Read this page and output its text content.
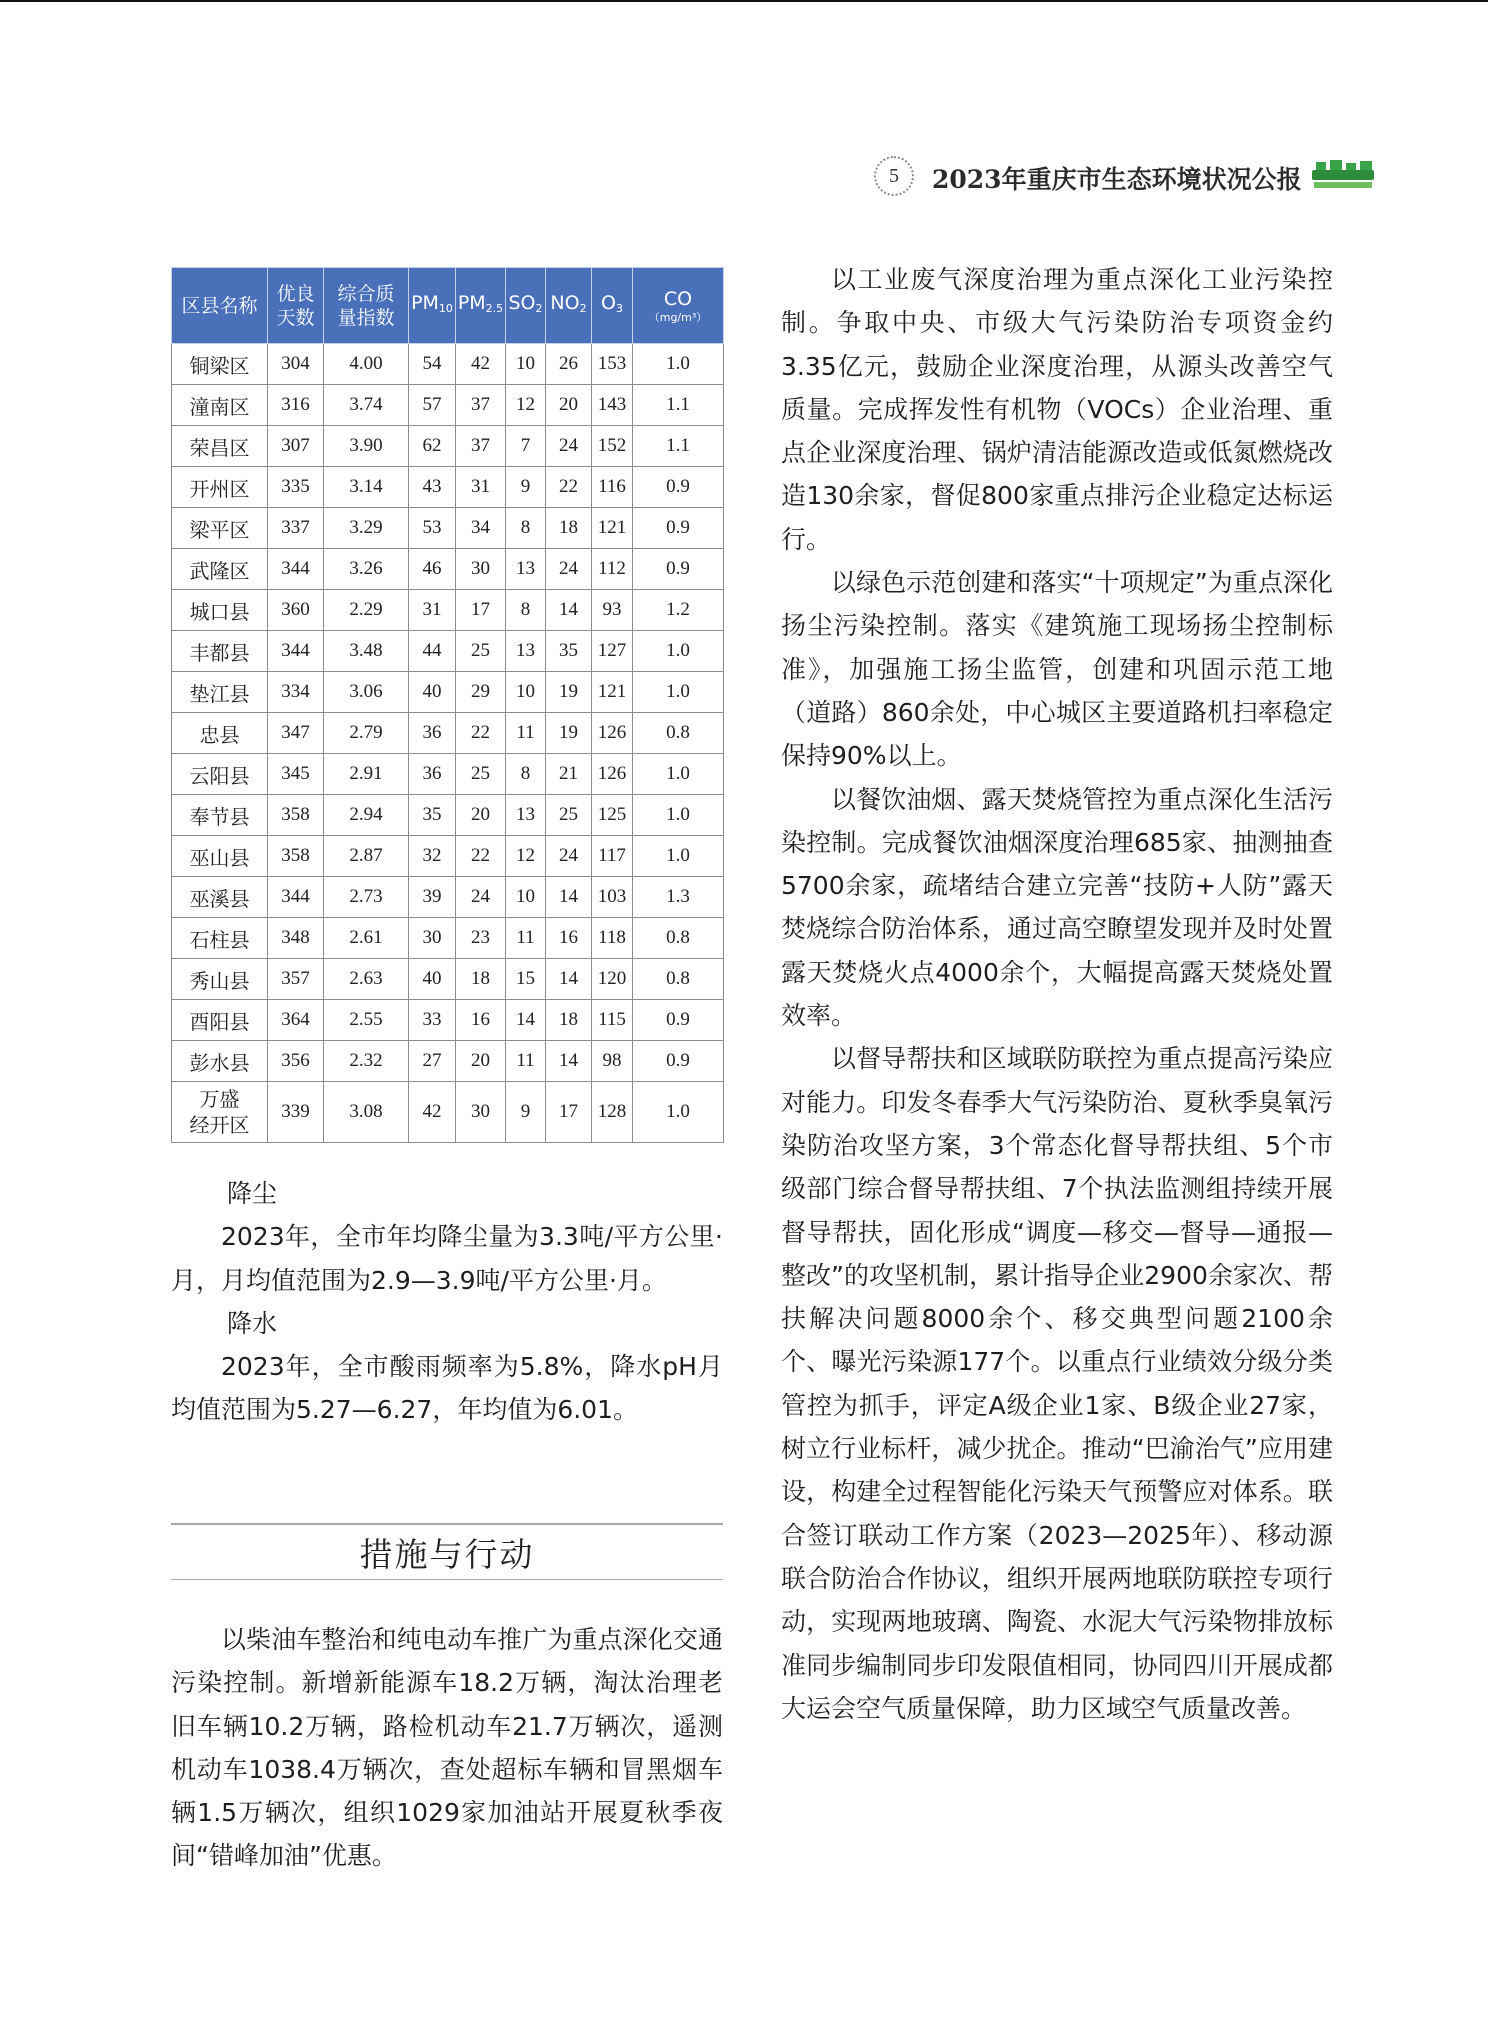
5	2023年重庆市生态环境状况公报
区县名称	优良天数	综合质量指数	$PM_{10}$	$PM_{2.5}$	$SO_2$	$NO_2$	$O_3$	CO
（mg/m³）

铜梁区	304	4.00	54	42	10	26	153	1.0
潼南区	316	3.74	57	37	12	20	143	1.1
荣昌区	307	3.90	62	37	7	24	152	1.1
开州区	335	3.14	43	31	9	22	116	0.9
梁平区	337	3.29	53	34	8	18	121	0.9
武隆区	344	3.26	46	30	13	24	112	0.9
城口县	360	2.29	31	17	8	14	93	1.2
丰都县	344	3.48	44	25	13	35	127	1.0
垫江县	334	3.06	40	29	10	19	121	1.0
忠县	347	2.79	36	22	11	19	126	0.8
云阳县	345	2.91	36	25	8	21	126	1.0
奉节县	358	2.94	35	20	13	25	125	1.0
巫山县	358	2.87	32	22	12	24	117	1.0
巫溪县	344	2.73	39	24	10	14	103	1.3
石柱县	348	2.61	30	23	11	16	118	0.8
秀山县	357	2.63	40	18	15	14	120	0.8
酉阳县	364	2.55	33	16	14	18	115	0.9
彭水县	356	2.32	27	20	11	14	98	0.9

万盛
经开区	339	3.08	42	30	9	17	128	1.0

降尘

2023年，全市年均降尘量为3.3吨/平方公里·月，月均值范围为2.9—3.9吨/平方公里·月。

降水

2023年，全市酸雨频率为5.8%，降水pH月均值范围为5.27—6.27，年均值为6.01。

措施与行动

以柴油车整治和纯电动车推广为重点深化交通污染控制。新增新能源车18.2万辆，淘汰治理老旧车辆10.2万辆，路检机动车21.7万辆次，遥测机动车1038.4万辆次，查处超标车辆和冒黑烟车辆1.5万辆次，组织1029家加油站开展夏秋季夜间“错峰加油”优惠。

以工业废气深度治理为重点深化工业污染控制。争取中央、市级大气污染防治专项资金约3.35亿元，鼓励企业深度治理，从源头改善空气质量。完成挥发性有机物（VOCs）企业治理、重点企业深度治理、锅炉清洁能源改造或低氮燃烧改造130余家，督促800家重点排污企业稳定达标运行。

以绿色示范创建和落实“十项规定”为重点深化扬尘污染控制。落实《建筑施工现场扬尘控制标准》，加强施工扬尘监管，创建和巩固示范工地（道路）860余处，中心城区主要道路机扫率稳定保持90%以上。

以餐饮油烟、露天焚烧管控为重点深化生活污染控制。完成餐饮油烟深度治理685家、抽测抽查5700余家，疏堵结合建立完善“技防+人防”露天焚烧综合防治体系，通过高空瞭望发现并及时处置露天焚烧火点4000余个，大幅提高露天焚烧处置效率。

以督导帮扶和区域联防联控为重点提高污染应对能力。印发冬春季大气污染防治、夏秋季臭氧污染防治攻坚方案，3个常态化督导帮扶组、5个市级部门综合督导帮扶组、7个执法监测组持续开展督导帮扶，固化形成“调度—移交—督导—通报—整改”的攻坚机制，累计指导企业2900余家次、帮扶解决问题8000余个、移交典型问题2100余个、曝光污染源177个。以重点行业绩效分级分类管控为抓手，评定A级企业1家、B级企业27家，树立行业标杆，减少扰企。推动“巴渝治气”应用建设，构建全过程智能化污染天气预警应对体系。联合签订联动工作方案（2023—2025年）、移动源联合防治合作协议，组织开展两地联防联控专项行动，实现两地玻璃、陶瓷、水泥大气污染物排放标准同步编制同步印发限值相同，协同四川开展成都大运会空气质量保障，助力区域空气质量改善。
